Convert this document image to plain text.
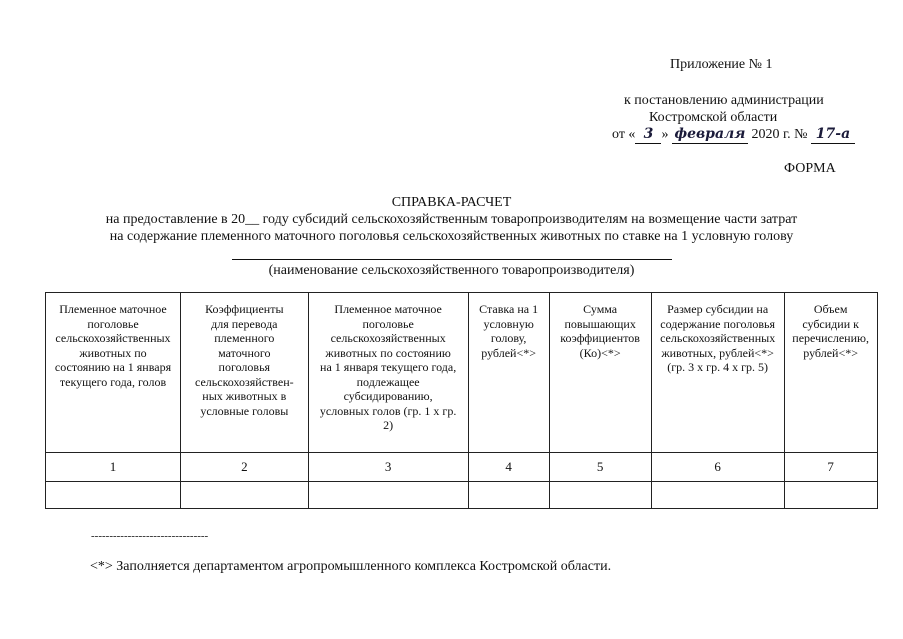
Приложение № 1
к постановлению администрации
Костромской области
от « 3 » февраля 2020 г. № 17-а
ФОРМА
СПРАВКА-РАСЧЕТ
на предоставление в 20__ году субсидий сельскохозяйственным товаропроизводителям на возмещение части затрат
на содержание племенного маточного поголовья сельскохозяйственных животных по ставке на 1 условную голову
(наименование сельскохозяйственного товаропроизводителя)
Племенное маточное поголовье сельскохозяйственных животных по состоянию на 1 января текущего года, голов	Коэффициенты для перевода племенного маточного поголовья сельскохозяйствен-ных животных в условные головы	Племенное маточное поголовье сельскохозяйственных животных по состоянию на 1 января текущего года, подлежащее субсидированию, условных голов (гр. 1 х гр. 2)	Ставка на 1 условную голову, рублей<*>	Сумма повышающих коэффициентов (Ко)<*>	Размер субсидии на содержание поголовья сельскохозяйственных животных, рублей<*> (гр. 3 х гр. 4 х гр. 5)	Объем субсидии к перечислению, рублей<*>

1	2	3	4	5	6	7

--------------------------------
<*> Заполняется департаментом агропромышленного комплекса Костромской области.
